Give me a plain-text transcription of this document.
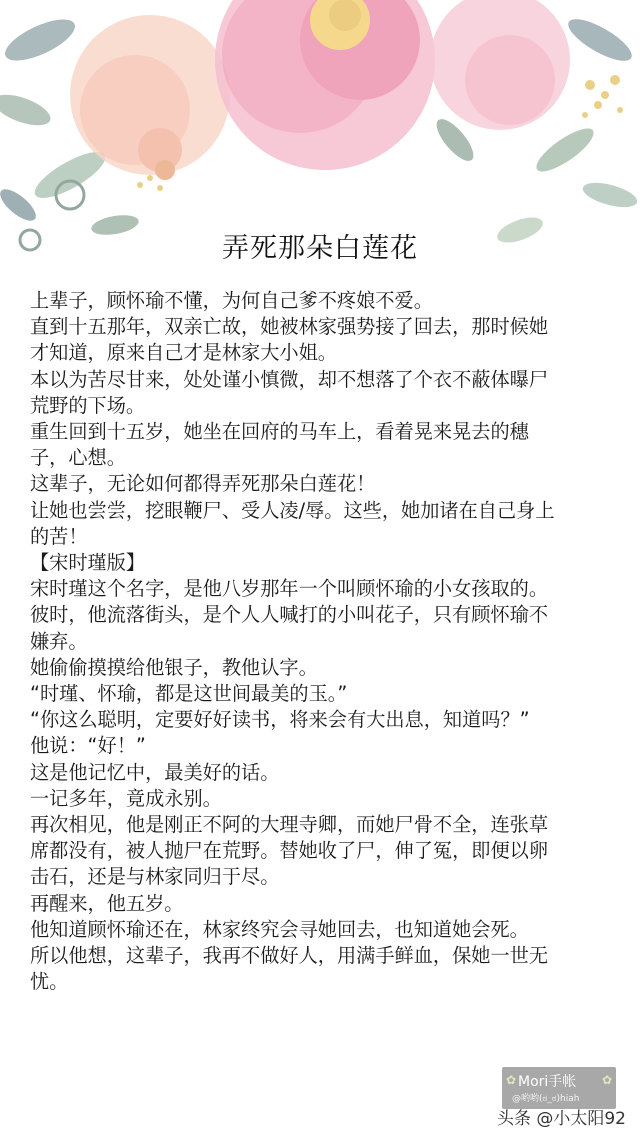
弄死那朵白莲花
上辈子，顾怀瑜不懂，为何自己爹不疼娘不爱。
直到十五那年，双亲亡故，她被林家强势接了回去，那时候她
才知道，原来自己才是林家大小姐。
本以为苦尽甘来，处处谨小慎微，却不想落了个衣不蔽体曝尸
荒野的下场。
重生回到十五岁，她坐在回府的马车上，看着晃来晃去的穗
子，心想。
这辈子，无论如何都得弄死那朵白莲花！
让她也尝尝，挖眼鞭尸、受人凌/辱。这些，她加诸在自己身上
的苦！
【宋时瑾版】
宋时瑾这个名字，是他八岁那年一个叫顾怀瑜的小女孩取的。
彼时，他流落街头，是个人人喊打的小叫花子，只有顾怀瑜不
嫌弃。
她偷偷摸摸给他银子，教他认字。
“时瑾、怀瑜，都是这世间最美的玉。”
“你这么聪明，定要好好读书，将来会有大出息，知道吗？”
他说：“好！”
这是他记忆中，最美好的话。
一记多年，竟成永别。
再次相见，他是刚正不阿的大理寺卿，而她尸骨不全，连张草
席都没有，被人抛尸在荒野。替她收了尸，伸了冤，即便以卵
击石，还是与林家同归于尽。
再醒来，他五岁。
他知道顾怀瑜还在，林家终究会寻她回去，也知道她会死。
所以他想，这辈子，我再不做好人，用满手鲜血，保她一世无
忧。
✿ Mori手帐 ✿
@哟哟(ಠ_ಠ)hiah
头条 @小太阳92
